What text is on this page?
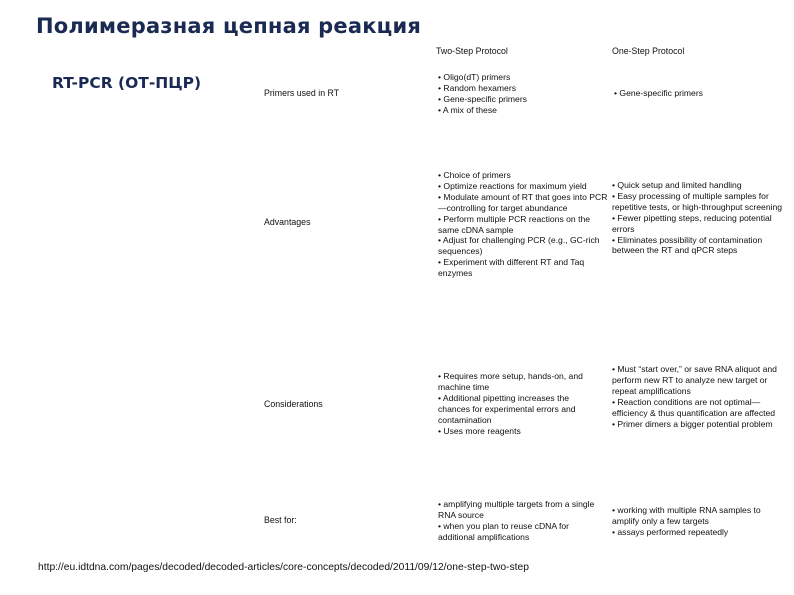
Полимеразная цепная реакция
RT-PCR (ОТ-ПЦР)
Two-Step Protocol	One-Step Protocol
Primers used in RT
• Oligo(dT) primers
• Random hexamers
• Gene-specific primers
• A mix of these
• Gene-specific primers
Advantages
• Choice of primers
• Optimize reactions for maximum yield
• Modulate amount of RT that goes into PCR—controlling for target abundance
• Perform multiple PCR reactions on the same cDNA sample
• Adjust for challenging PCR (e.g., GC-rich sequences)
• Experiment with different RT and Taq enzymes
• Quick setup and limited handling
• Easy processing of multiple samples for repetitive tests, or high-throughput screening
• Fewer pipetting steps, reducing potential errors
• Eliminates possibility of contamination between the RT and qPCR steps
Considerations
• Requires more setup, hands-on, and machine time
• Additional pipetting increases the chances for experimental errors and contamination
• Uses more reagents
• Must “start over,” or save RNA aliquot and perform new RT to analyze new target or repeat amplifications
• Reaction conditions are not optimal—efficiency & thus quantification are affected
• Primer dimers a bigger potential problem
Best for:
• amplifying multiple targets from a single RNA source
• when you plan to reuse cDNA for additional amplifications
• working with multiple RNA samples to amplify only a few targets
• assays performed repeatedly
http://eu.idtdna.com/pages/decoded/decoded-articles/core-concepts/decoded/2011/09/12/one-step-two-step
